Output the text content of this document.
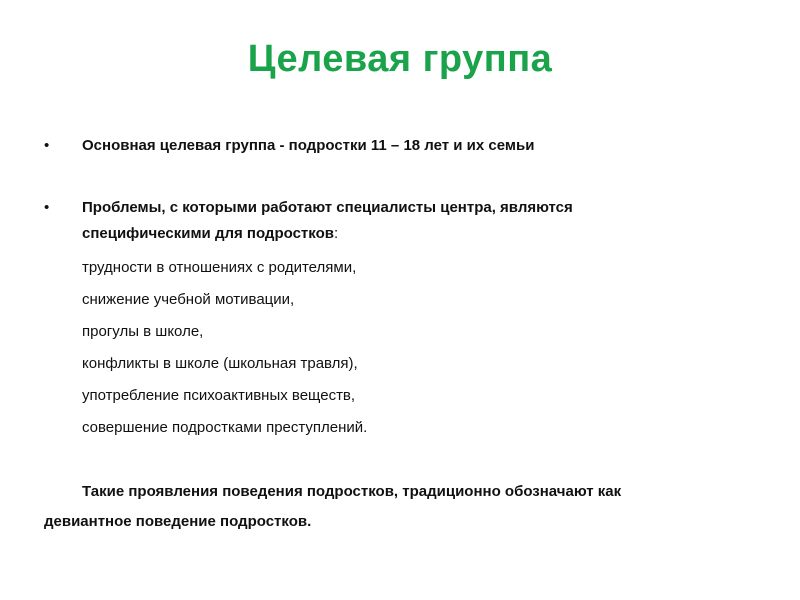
Целевая группа
•	Основная целевая группа - подростки 11 – 18 лет и их семьи
•	Проблемы, с которыми работают специалисты центра, являются
специфическими для подростков:
трудности в отношениях с родителями,
снижение учебной мотивации,
прогулы в школе,
конфликты в школе (школьная травля),
употребление психоактивных веществ,
совершение подростками преступлений.
Такие проявления поведения подростков, традиционно обозначают как
девиантное поведение подростков.
